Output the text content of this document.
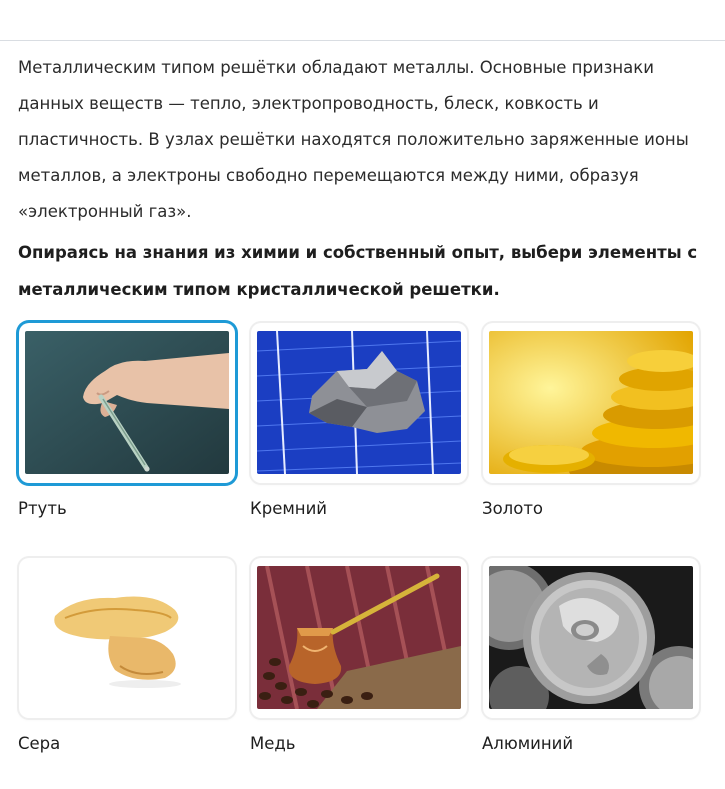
Металлическим типом решётки обладают металлы. Основные признаки
данных веществ — тепло, электропроводность, блеск, ковкость и
пластичность. В узлах решётки находятся положительно заряженные ионы
металлов, а электроны свободно перемещаются между ними, образуя
«электронный газ».

Опираясь на знания из химии и собственный опыт, выбери элементы с
металлическим типом кристаллической решетки.

Ртуть	Кремний	Золото
Сера	Медь	Алюминий
